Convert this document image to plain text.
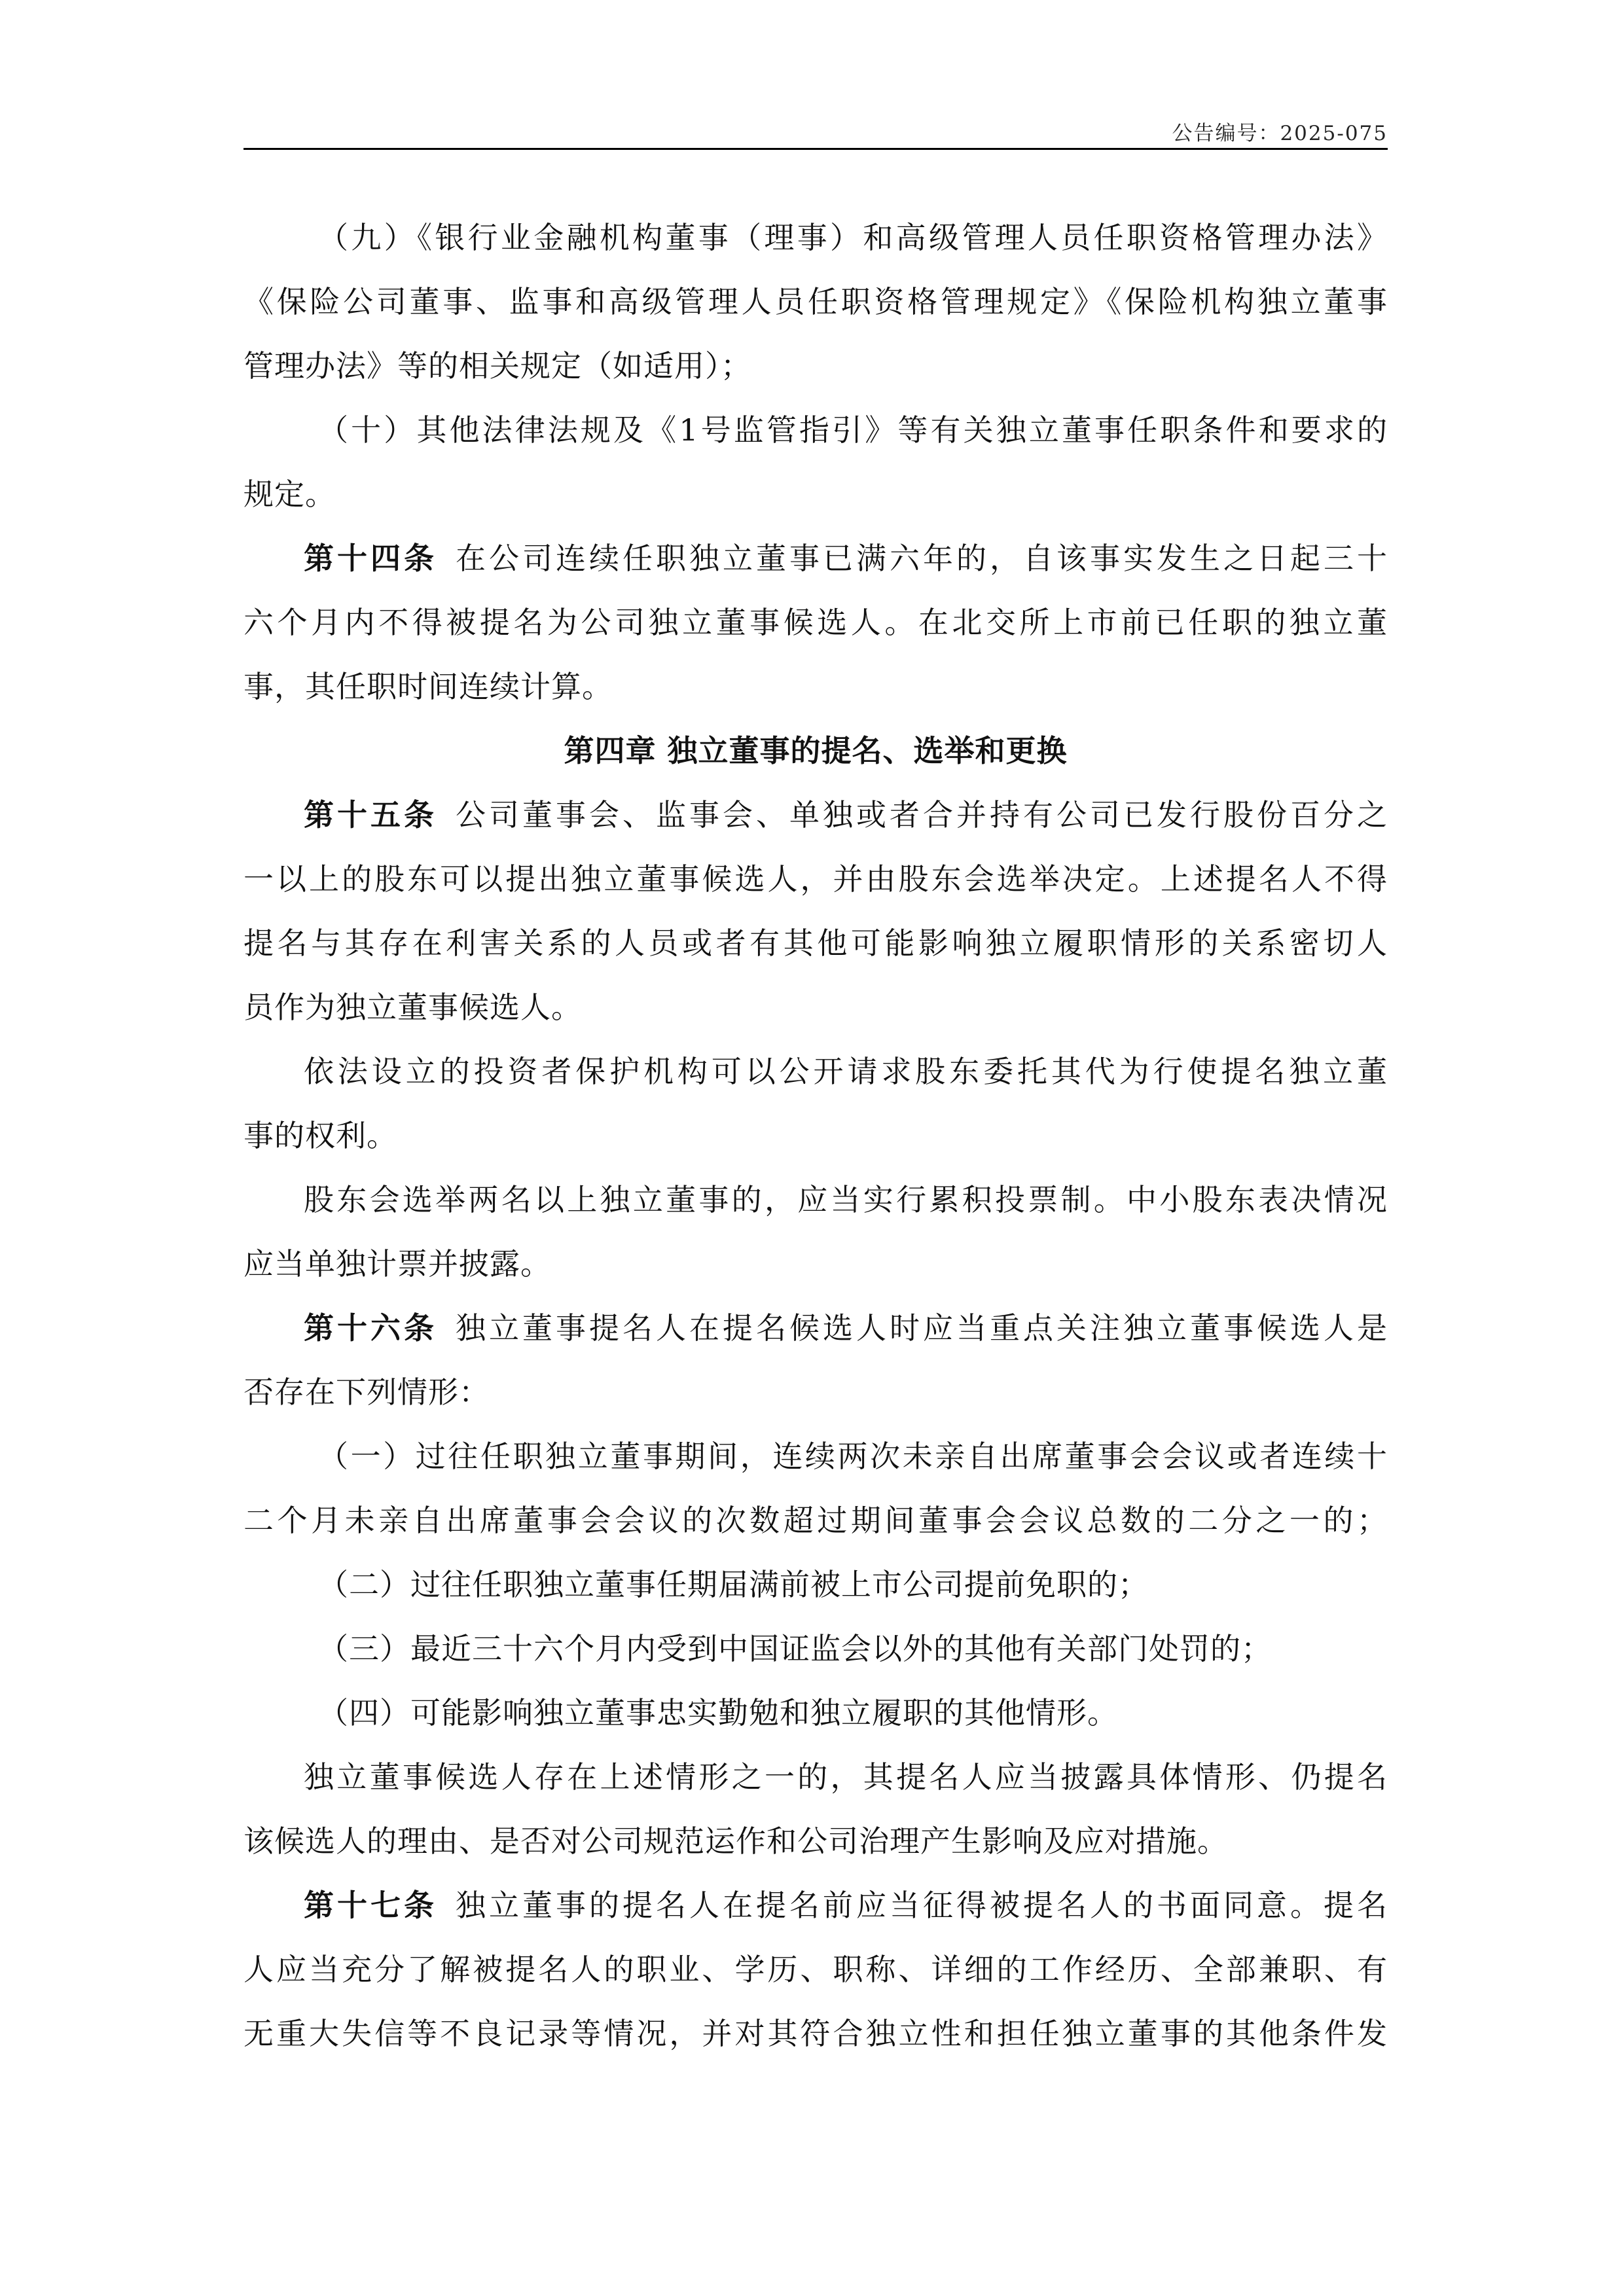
公告编号：2025-075
（九）《银行业金融机构董事（理事）和高级管理人员任职资格管理办法》
《保险公司董事、监事和高级管理人员任职资格管理规定》《保险机构独立董事
管理办法》等的相关规定（如适用）；
（十）其他法律法规及《1号监管指引》等有关独立董事任职条件和要求的
规定。
第十四条  在公司连续任职独立董事已满六年的，自该事实发生之日起三十
六个月内不得被提名为公司独立董事候选人。在北交所上市前已任职的独立董
事，其任职时间连续计算。
第四章 独立董事的提名、选举和更换
第十五条  公司董事会、监事会、单独或者合并持有公司已发行股份百分之
一以上的股东可以提出独立董事候选人，并由股东会选举决定。上述提名人不得
提名与其存在利害关系的人员或者有其他可能影响独立履职情形的关系密切人
员作为独立董事候选人。
依法设立的投资者保护机构可以公开请求股东委托其代为行使提名独立董
事的权利。
股东会选举两名以上独立董事的，应当实行累积投票制。中小股东表决情况
应当单独计票并披露。
第十六条  独立董事提名人在提名候选人时应当重点关注独立董事候选人是
否存在下列情形：
（一）过往任职独立董事期间，连续两次未亲自出席董事会会议或者连续十
二个月未亲自出席董事会会议的次数超过期间董事会会议总数的二分之一的；
（二）过往任职独立董事任期届满前被上市公司提前免职的；
（三）最近三十六个月内受到中国证监会以外的其他有关部门处罚的；
（四）可能影响独立董事忠实勤勉和独立履职的其他情形。
独立董事候选人存在上述情形之一的，其提名人应当披露具体情形、仍提名
该候选人的理由、是否对公司规范运作和公司治理产生影响及应对措施。
第十七条  独立董事的提名人在提名前应当征得被提名人的书面同意。提名
人应当充分了解被提名人的职业、学历、职称、详细的工作经历、全部兼职、有
无重大失信等不良记录等情况，并对其符合独立性和担任独立董事的其他条件发
